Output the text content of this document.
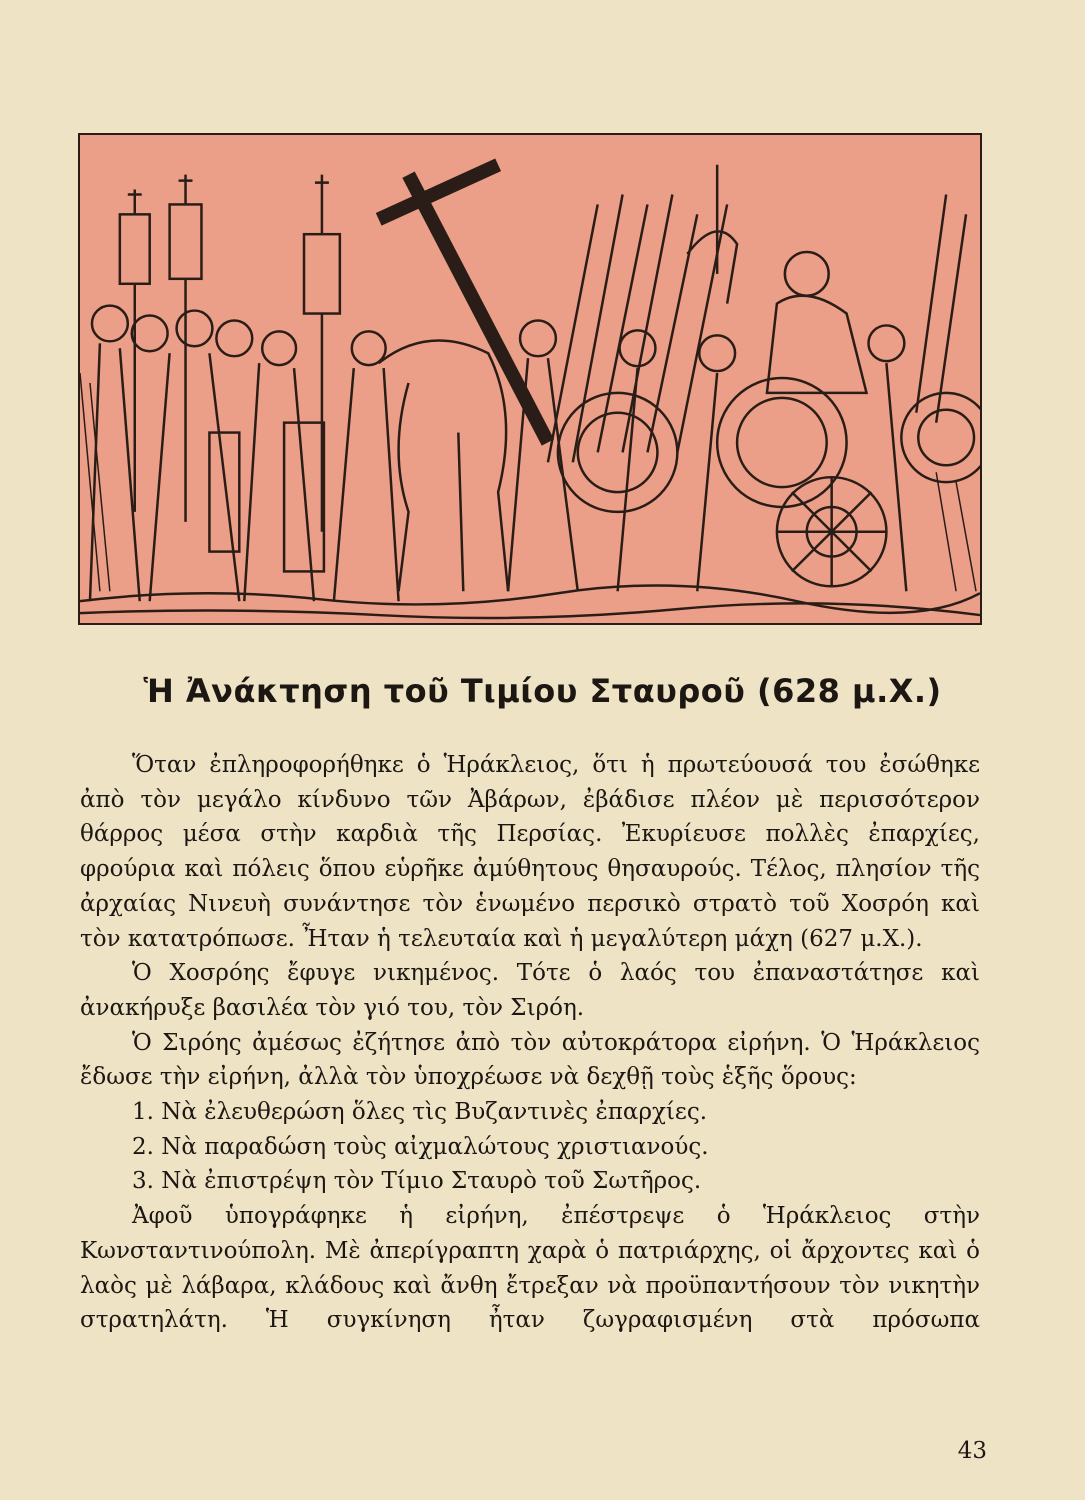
Ἡ Ἀνάκτηση τοῦ Τιμίου Σταυροῦ (628 μ.Χ.)

Ὅταν ἐπληροφορήθηκε ὁ Ἡράκλειος, ὅτι ἡ πρωτεύουσά του ἐσώθηκε ἀπὸ τὸν μεγάλο κίνδυνο τῶν Ἀβάρων, ἐβάδισε πλέον μὲ περισσότερον θάρρος μέσα στὴν καρδιὰ τῆς Περσίας. Ἐκυρίευσε πολλὲς ἐπαρχίες, φρούρια καὶ πόλεις ὅπου εὑρῆκε ἀμύθητους θησαυρούς. Τέλος, πλησίον τῆς ἀρχαίας Νινευὴ συνάντησε τὸν ἑνωμένο περσικὸ στρατὸ τοῦ Χοσρόη καὶ τὸν κατατρόπωσε. Ἦταν ἡ τελευταία καὶ ἡ μεγαλύτερη μάχη (627 μ.Χ.).

Ὁ Χοσρόης ἔφυγε νικημένος. Τότε ὁ λαός του ἐπαναστάτησε καὶ ἀνακήρυξε βασιλέα τὸν γιό του, τὸν Σιρόη.

Ὁ Σιρόης ἀμέσως ἐζήτησε ἀπὸ τὸν αὐτοκράτορα εἰρήνη. Ὁ Ἡράκλειος ἔδωσε τὴν εἰρήνη, ἀλλὰ τὸν ὑποχρέωσε νὰ δεχθῇ τοὺς ἑξῆς ὅρους:

1. Νὰ ἐλευθερώση ὅλες τὶς Βυζαντινὲς ἐπαρχίες.

2. Νὰ παραδώση τοὺς αἰχμαλώτους χριστιανούς.

3. Νὰ ἐπιστρέψη τὸν Τίμιο Σταυρὸ τοῦ Σωτῆρος.

Ἀφοῦ ὑπογράφηκε ἡ εἰρήνη, ἐπέστρεψε ὁ Ἡράκλειος στὴν Κωνσταντινούπολη. Μὲ ἀπερίγραπτη χαρὰ ὁ πατριάρχης, οἱ ἄρχοντες καὶ ὁ λαὸς μὲ λάβαρα, κλάδους καὶ ἄνθη ἔτρεξαν νὰ προϋπαντήσουν τὸν νικητὴν στρατηλάτη. Ἡ συγκίνηση ἦταν ζωγραφισμένη στὰ πρόσωπα

43
